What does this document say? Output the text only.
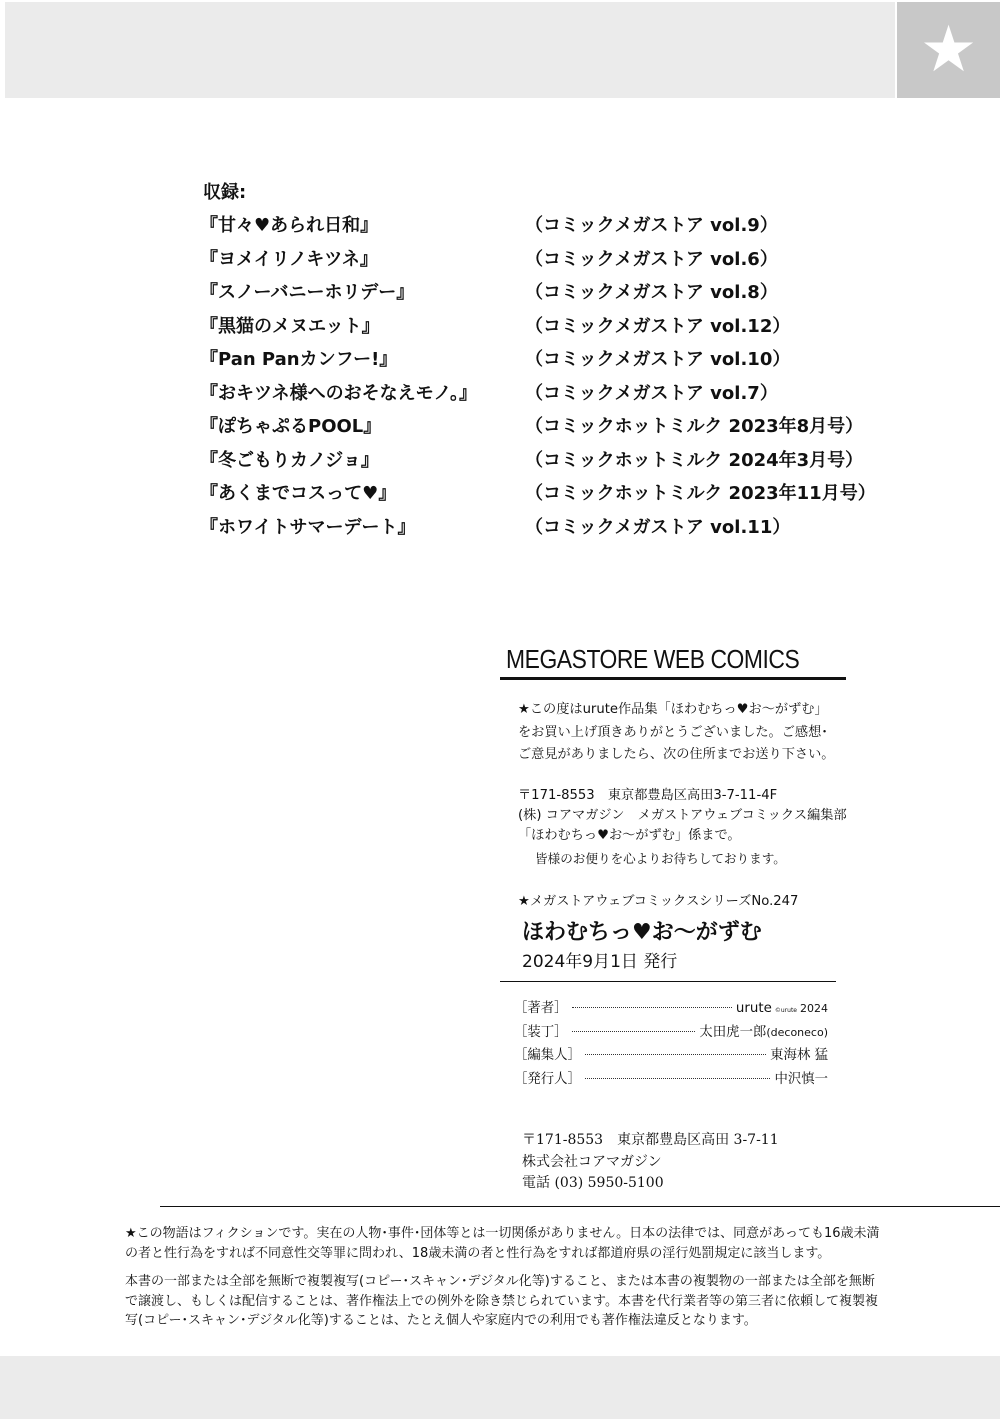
★
収録:
『甘々♥あられ日和』	（コミックメガストア vol.9）
『ヨメイリノキツネ』	（コミックメガストア vol.6）
『スノーバニーホリデー』	（コミックメガストア vol.8）
『黒猫のメヌエット』	（コミックメガストア vol.12）
『Pan Panカンフー!』	（コミックメガストア vol.10）
『おキツネ様へのおそなえモノ。』	（コミックメガストア vol.7）
『ぽちゃぷるPOOL』	（コミックホットミルク 2023年8月号）
『冬ごもりカノジョ』	（コミックホットミルク 2024年3月号）
『あくまでコスって♥』	（コミックホットミルク 2023年11月号）
『ホワイトサマーデート』	（コミックメガストア vol.11）
MEGASTORE WEB COMICS
★この度はurute作品集「ほわむちっ♥お〜がずむ」をお買い上げ頂きありがとうございました。ご感想･ご意見がありましたら、次の住所までお送り下さい。
〒171-8553　東京都豊島区高田3-7-11-4F
(株) コアマガジン　メガストアウェブコミックス編集部
「ほわむちっ♥お〜がずむ」係まで。
皆様のお便りを心よりお待ちしております。
★メガストアウェブコミックスシリーズNo.247
ほわむちっ♥お〜がずむ
2024年9月1日 発行
［著者］	urute ©urute 2024
［装丁］	太田虎一郎 (deconeco)
［編集人］	東海林 猛
［発行人］	中沢慎一
〒171-8553　東京都豊島区高田 3-7-11
株式会社コアマガジン
電話 (03) 5950-5100
★この物語はフィクションです。実在の人物･事件･団体等とは一切関係がありません。日本の法律では、同意があっても16歳未満の者と性行為をすれば不同意性交等罪に問われ、18歳未満の者と性行為をすれば都道府県の淫行処罰規定に該当します。
本書の一部または全部を無断で複製複写(コピー･スキャン･デジタル化等)すること、または本書の複製物の一部または全部を無断で譲渡し、もしくは配信することは、著作権法上での例外を除き禁じられています。本書を代行業者等の第三者に依頼して複製複写(コピー･スキャン･デジタル化等)することは、たとえ個人や家庭内での利用でも著作権法違反となります。
